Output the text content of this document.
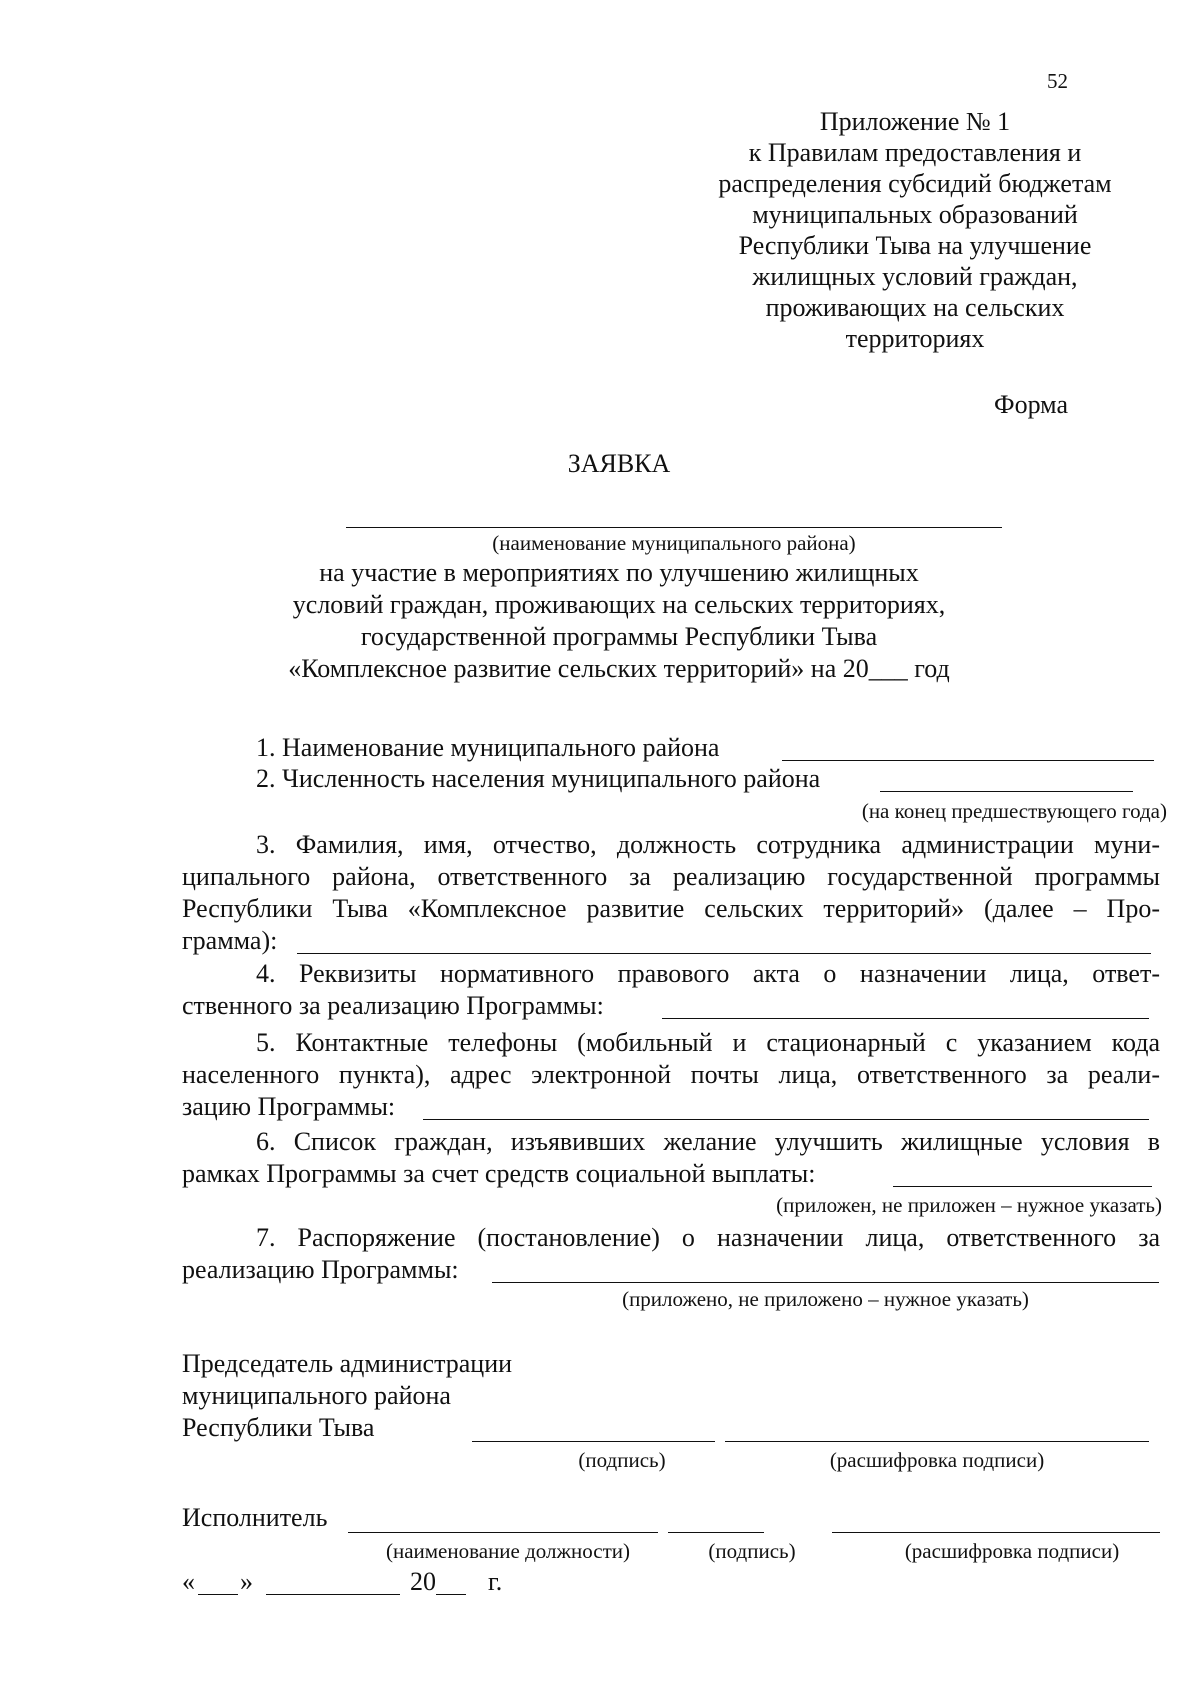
52
Приложение № 1
к Правилам предоставления и
распределения субсидий бюджетам
муниципальных образований
Республики Тыва на улучшение
жилищных условий граждан,
проживающих на сельских
территориях
Форма
ЗАЯВКА
(наименование муниципального района)
на участие в мероприятиях по улучшению жилищных
условий граждан, проживающих на сельских территориях,
государственной программы Республики Тыва
«Комплексное развитие сельских территорий» на 20___ год
1. Наименование муниципального района
2. Численность населения муниципального района
(на конец предшествующего года)
3. Фамилия, имя, отчество, должность сотрудника администрации муни-
ципального района, ответственного за реализацию государственной программы
Республики Тыва «Комплексное развитие сельских территорий» (далее – Про-
грамма):
4. Реквизиты нормативного правового акта о назначении лица, ответ-
ственного за реализацию Программы:
5. Контактные телефоны (мобильный и стационарный с указанием кода
населенного пункта), адрес электронной почты лица, ответственного за реали-
зацию Программы:
6. Список граждан, изъявивших желание улучшить жилищные условия в
рамках Программы за счет средств социальной выплаты:
(приложен, не приложен – нужное указать)
7. Распоряжение (постановление) о назначении лица, ответственного за
реализацию Программы:
(приложено, не приложено – нужное указать)
Председатель администрации
муниципального района
Республики Тыва
(подпись)	(расшифровка подписи)
Исполнитель
(наименование должности)	(подпись)	(расшифровка подписи)
« »	20 г.
